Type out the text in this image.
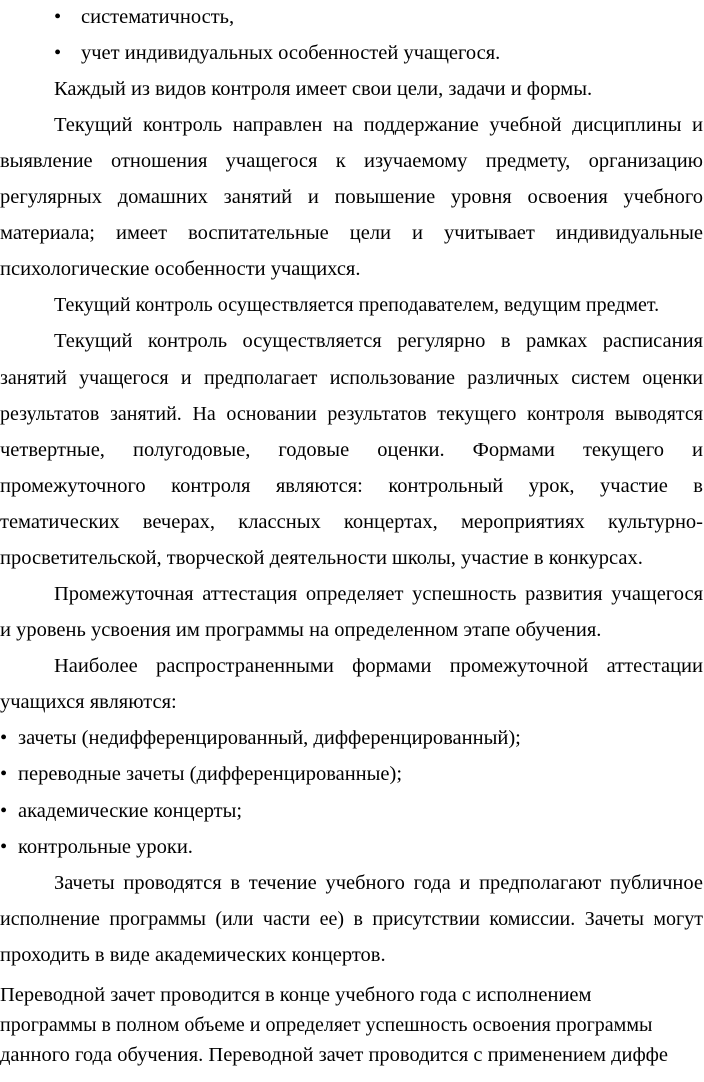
• систематичность,
• учет индивидуальных особенностей учащегося.
Каждый из видов контроля имеет свои цели, задачи и формы.
Текущий контроль направлен на поддержание учебной дисциплины и
выявление отношения учащегося к изучаемому предмету, организацию
регулярных домашних занятий и повышение уровня освоения учебного
материала; имеет воспитательные цели и учитывает индивидуальные
психологические особенности учащихся.
Текущий контроль осуществляется преподавателем, ведущим предмет.
Текущий контроль осуществляется регулярно в рамках расписания
занятий учащегося и предполагает использование различных систем оценки
результатов занятий. На основании результатов текущего контроля выводятся
четвертные, полугодовые, годовые оценки. Формами текущего и
промежуточного контроля являются: контрольный урок, участие в
тематических вечерах, классных концертах, мероприятиях культурно-
просветительской, творческой деятельности школы, участие в конкурсах.
Промежуточная аттестация определяет успешность развития учащегося
и уровень усвоения им программы на определенном этапе обучения.
Наиболее распространенными формами промежуточной аттестации
учащихся являются:
• зачеты (недифференцированный, дифференцированный);
• переводные зачеты (дифференцированные);
• академические концерты;
• контрольные уроки.
Зачеты проводятся в течение учебного года и предполагают публичное
исполнение программы (или части ее) в присутствии комиссии. Зачеты могут
проходить в виде академических концертов.
Переводной зачет проводится в конце учебного года с исполнением
программы в полном объеме и определяет успешность освоения программы
данного года обучения. Переводной зачет проводится с применением диффе
